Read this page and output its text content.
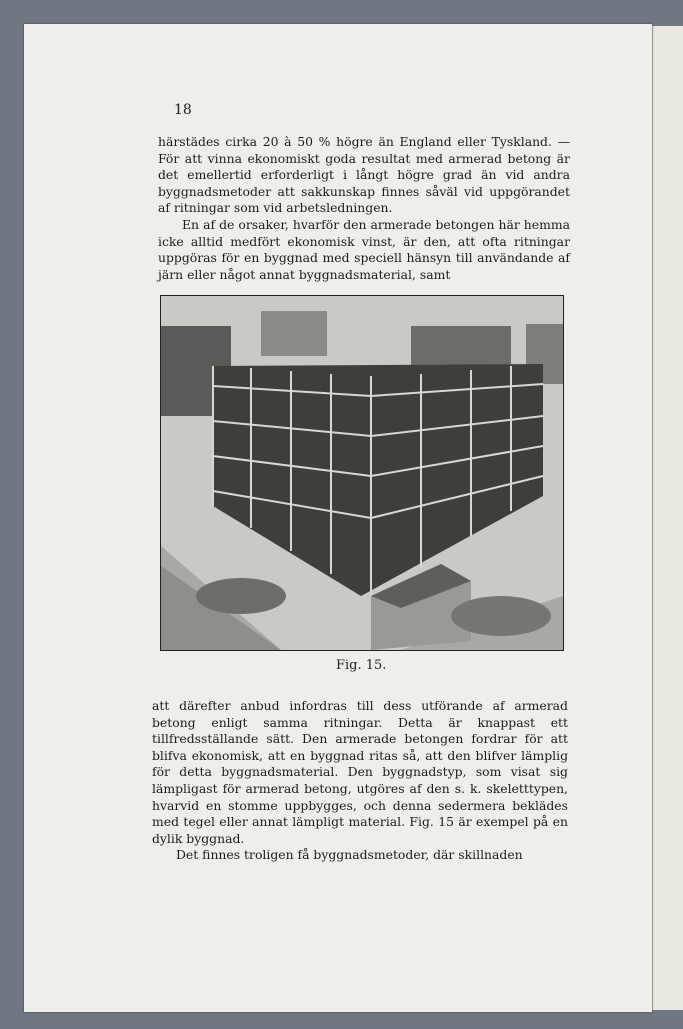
18

härstädes cirka 20 à 50 % högre än England eller Tyskland. — För att vinna ekonomiskt goda resultat med armerad betong är det emellertid erforderligt i långt högre grad än vid andra byggnadsmetoder att sakkunskap finnes såväl vid uppgörandet af ritningar som vid arbetsledningen.

En af de orsaker, hvarför den armerade betongen här hemma icke alltid medfört ekonomisk vinst, är den, att ofta ritningar uppgöras för en byggnad med speciell hänsyn till användande af järn eller något annat byggnadsmaterial, samt

Fig. 15.

att därefter anbud infordras till dess utförande af armerad betong enligt samma ritningar. Detta är knappast ett tillfredsställande sätt. Den armerade betongen fordrar för att blifva ekonomisk, att en byggnad ritas så, att den blifver lämplig för detta byggnadsmaterial. Den byggnadstyp, som visat sig lämpligast för armerad betong, utgöres af den s. k. skeletttypen, hvarvid en stomme uppbygges, och denna sedermera beklädes med tegel eller annat lämpligt material. Fig. 15 är exempel på en dylik byggnad.

Det finnes troligen få byggnadsmetoder, där skillnaden
